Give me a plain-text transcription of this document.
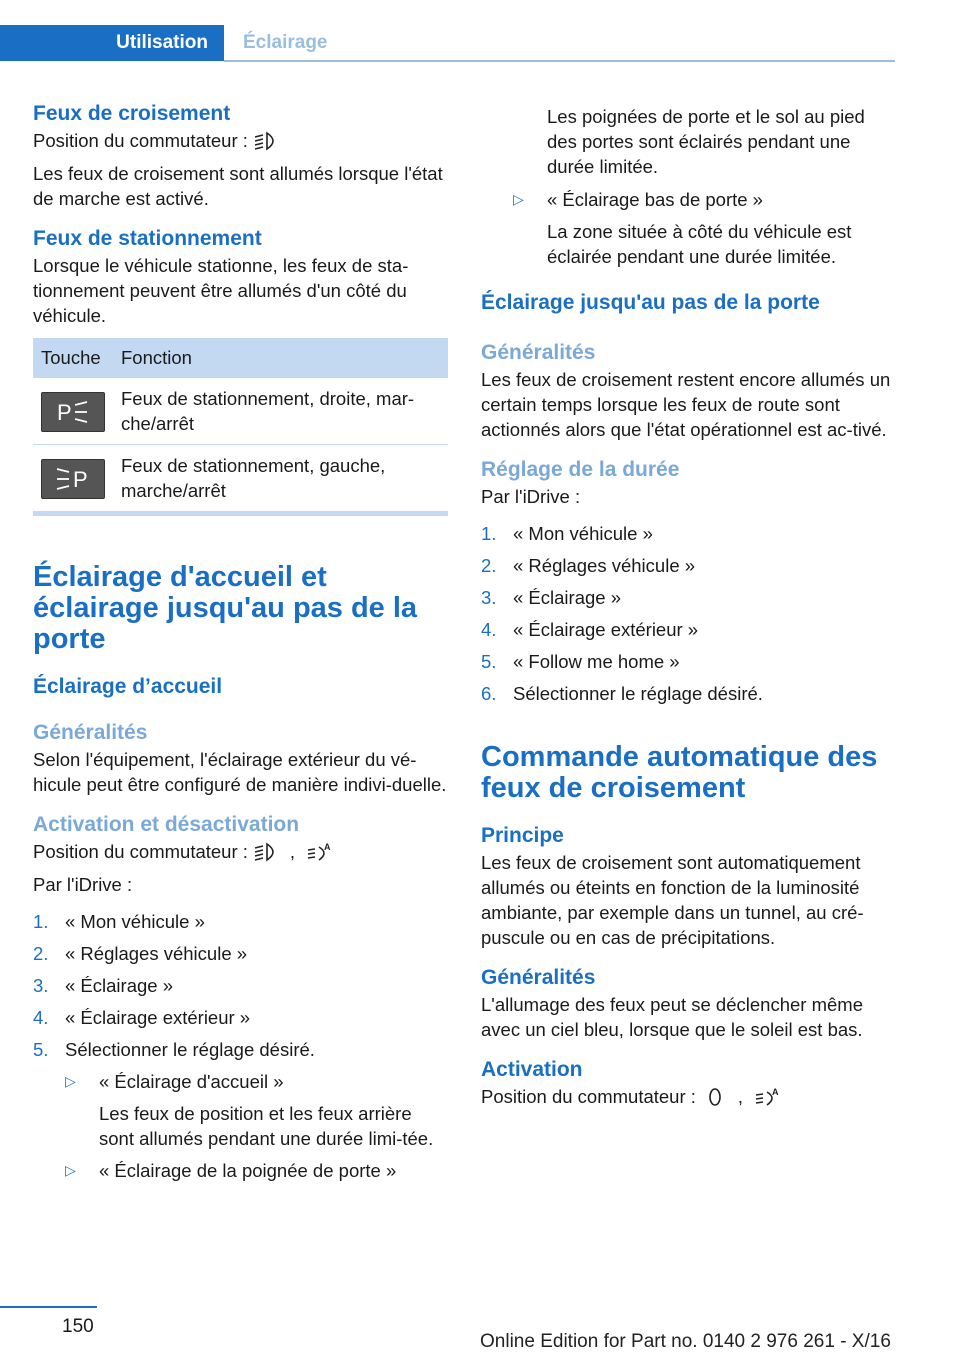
Utilisation	Éclairage
Feux de croisement
Position du commutateur :

Les feux de croisement sont allumés lorsque l'état de marche est activé.

Feux de stationnement

Lorsque le véhicule stationne, les feux de sta‐tionnement peuvent être allumés d'un côté du véhicule.

Touche	Fonction
P
Feux de stationnement, droite, mar‐che/arrêt
P
Feux de stationnement, gauche, marche/arrêt
Éclairage d'accueil et éclairage jusqu'au pas de la porte
Éclairage d’accueil
Généralités

Selon l'équipement, l'éclairage extérieur du vé‐hicule peut être configuré de manière indivi‐duelle.

Activation et désactivation
Position du commutateur : ,	A

Par l'iDrive :

1. « Mon véhicule »
2. « Réglages véhicule »
3. « Éclairage »
4. « Éclairage extérieur »
5. Sélectionner le réglage désiré.
▷	« Éclairage d'accueil »
Les feux de position et les feux arrière sont allumés pendant une durée limi‐tée.
▷	« Éclairage de la poignée de porte »

Les poignées de porte et le sol au pied des portes sont éclairés pendant une durée limitée.

▷	« Éclairage bas de porte »
La zone située à côté du véhicule est éclairée pendant une durée limitée.
Éclairage jusqu'au pas de la porte
Généralités

Les feux de croisement restent encore allumés un certain temps lorsque les feux de route sont actionnés alors que l'état opérationnel est ac‐tivé.

Réglage de la durée

Par l'iDrive :

1. « Mon véhicule »
2. « Réglages véhicule »
3. « Éclairage »
4. « Éclairage extérieur »
5. « Follow me home »
6. Sélectionner le réglage désiré.
Commande automatique des feux de croisement
Principe

Les feux de croisement sont automatiquement allumés ou éteints en fonction de la luminosité ambiante, par exemple dans un tunnel, au cré‐puscule ou en cas de précipitations.

Généralités

L'allumage des feux peut se déclencher même avec un ciel bleu, lorsque que le soleil est bas.

Activation
Position du commutateur : ,	A
150
Online Edition for Part no. 0140 2 976 261 - X/16
